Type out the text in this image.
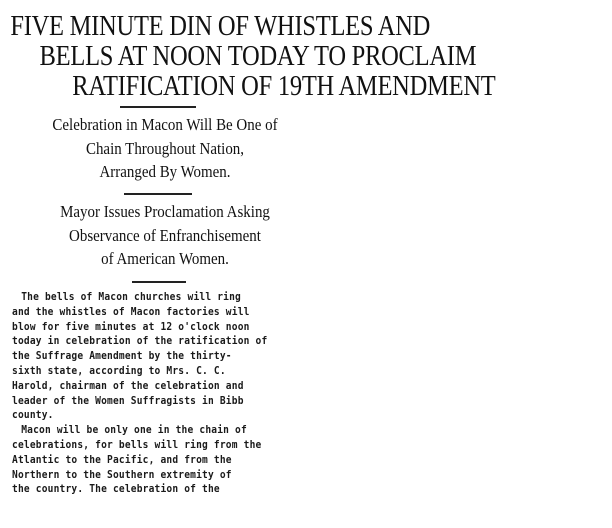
FIVE MINUTE DIN OF WHISTLES AND
BELLS AT NOON TODAY TO PROCLAIM
RATIFICATION OF 19TH AMENDMENT
Celebration in Macon Will Be One of
Chain Throughout Nation,
Arranged By Women.
Mayor Issues Proclamation Asking
Observance of Enfranchisement
of American Women.
The bells of Macon churches will ring
and the whistles of Macon factories will
blow for five minutes at 12 o'clock noon
today in celebration of the ratification of
the Suffrage Amendment by the thirty-
sixth state, according to Mrs. C. C.
Harold, chairman of the celebration and
leader of the Women Suffragists in Bibb
county.
Macon will be only one in the chain of
celebrations, for bells will ring from the
Atlantic to the Pacific, and from the
Northern to the Southern extremity of
the country. The celebration of the
